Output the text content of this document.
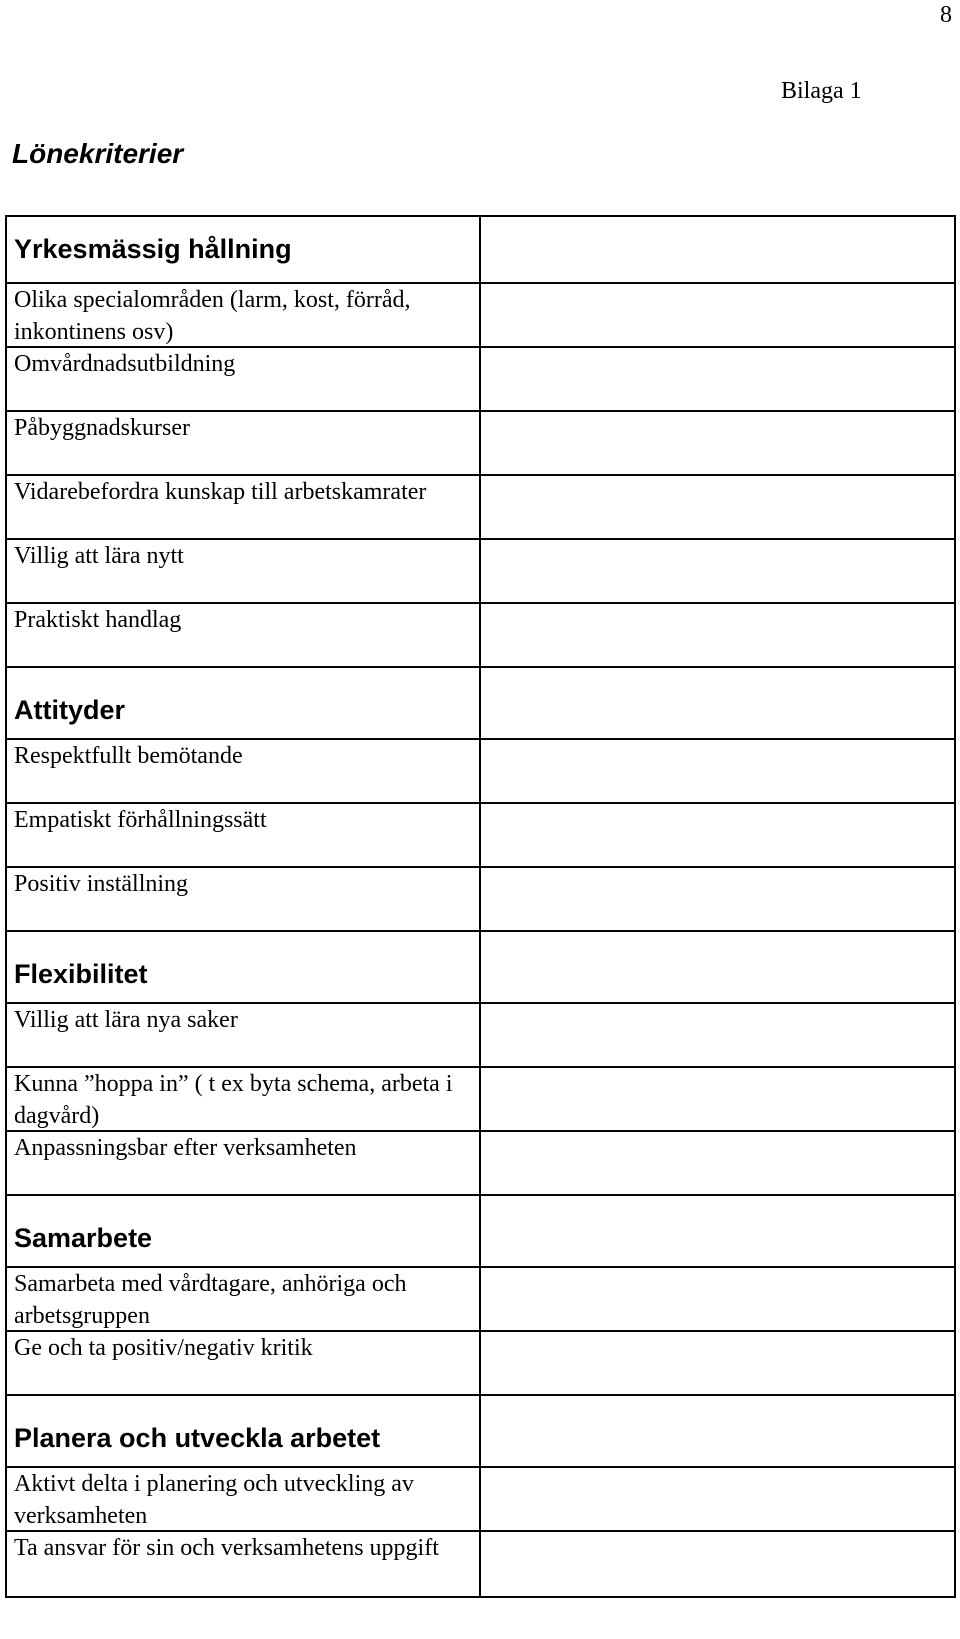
8
Bilaga 1
Lönekriterier
Yrkesmässig hållning
Olika specialområden (larm, kost, förråd, inkontinens osv)
Omvårdnadsutbildning
Påbyggnadskurser
Vidarebefordra kunskap till arbetskamrater
Villig att lära nytt
Praktiskt handlag
Attityder
Respektfullt bemötande
Empatiskt förhållningssätt
Positiv inställning
Flexibilitet
Villig att lära nya saker
Kunna ”hoppa in” ( t ex byta schema, arbeta i dagvård)
Anpassningsbar efter verksamheten
Samarbete
Samarbeta med vårdtagare, anhöriga och arbetsgruppen
Ge och ta positiv/negativ kritik
Planera och utveckla arbetet
Aktivt delta i planering och utveckling av verksamheten
Ta ansvar för sin och verksamhetens uppgift
